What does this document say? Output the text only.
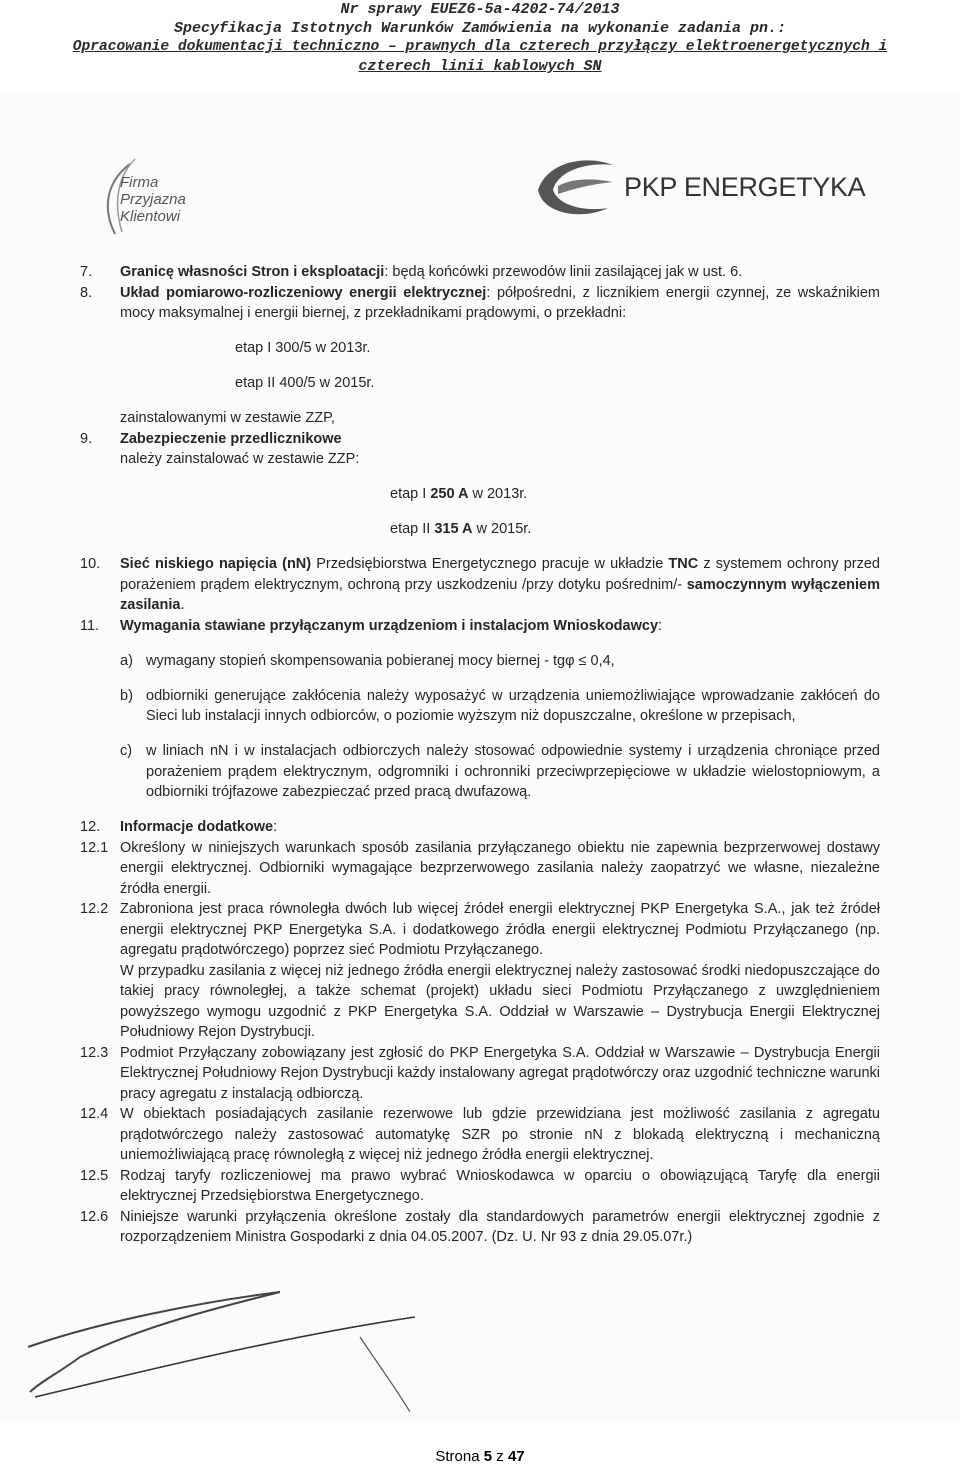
Nr sprawy EUEZ6-5a-4202-74/2013
Specyfikacja Istotnych Warunków Zamówienia na wykonanie zadania pn.:
Opracowanie dokumentacji techniczno – prawnych dla czterech przyłączy elektroenergetycznych i
czterech linii kablowych SN
Firma
Przyjazna
Klientowi
PKP ENERGETYKA

7.	Granicę własności Stron i eksploatacji: będą końcówki przewodów linii zasilającej jak w ust. 6.

8.	Układ pomiarowo-rozliczeniowy energii elektrycznej: półpośredni, z licznikiem energii czynnej, ze wskaźnikiem mocy maksymalnej i energii biernej, z przekładnikami prądowymi, o przekładni:

etap I 300/5 w 2013r.

etap II 400/5 w 2015r.

zainstalowanymi w zestawie ZZP,

9.	Zabezpieczenie przedlicznikowe
należy zainstalować w zestawie ZZP:

etap I 250 A w 2013r.

etap II 315 A w 2015r.

10.	Sieć niskiego napięcia (nN) Przedsiębiorstwa Energetycznego pracuje w układzie TNC z systemem ochrony przed porażeniem prądem elektrycznym, ochroną przy uszkodzeniu /przy dotyku pośrednim/- samoczynnym wyłączeniem zasilania.

11.	Wymagania stawiane przyłączanym urządzeniom i instalacjom Wnioskodawcy:

a) wymagany stopień skompensowania pobieranej mocy biernej - tgφ ≤ 0,4,

b) odbiorniki generujące zakłócenia należy wyposażyć w urządzenia uniemożliwiające wprowadzanie zakłóceń do Sieci lub instalacji innych odbiorców, o poziomie wyższym niż dopuszczalne, określone w przepisach,

c) w liniach nN i w instalacjach odbiorczych należy stosować odpowiednie systemy i urządzenia chroniące przed porażeniem prądem elektrycznym, odgromniki i ochronniki przeciwprzepięciowe w układzie wielostopniowym, a odbiorniki trójfazowe zabezpieczać przed pracą dwufazową.

12.	Informacje dodatkowe:

12.1 Określony w niniejszych warunkach sposób zasilania przyłączanego obiektu nie zapewnia bezprzerwowej dostawy energii elektrycznej. Odbiorniki wymagające bezprzerwowego zasilania należy zaopatrzyć we własne, niezależne źródła energii.

12.2 Zabroniona jest praca równoległa dwóch lub więcej źródeł energii elektrycznej PKP Energetyka S.A., jak też źródeł energii elektrycznej PKP Energetyka S.A. i dodatkowego źródła energii elektrycznej Podmiotu Przyłączanego (np. agregatu prądotwórczego) poprzez sieć Podmiotu Przyłączanego.

W przypadku zasilania z więcej niż jednego źródła energii elektrycznej należy zastosować środki niedopuszczające do takiej pracy równoległej, a także schemat (projekt) układu sieci Podmiotu Przyłączanego z uwzględnieniem powyższego wymogu uzgodnić z PKP Energetyka S.A. Oddział w Warszawie – Dystrybucja Energii Elektrycznej Południowy Rejon Dystrybucji.

12.3 Podmiot Przyłączany zobowiązany jest zgłosić do PKP Energetyka S.A. Oddział w Warszawie – Dystrybucja Energii Elektrycznej Południowy Rejon Dystrybucji każdy instalowany agregat prądotwórczy oraz uzgodnić techniczne warunki pracy agregatu z instalacją odbiorczą.

12.4 W obiektach posiadających zasilanie rezerwowe lub gdzie przewidziana jest możliwość zasilania z agregatu prądotwórczego należy zastosować automatykę SZR po stronie nN z blokadą elektryczną i mechaniczną uniemożliwiającą pracę równoległą z więcej niż jednego źródła energii elektrycznej.

12.5 Rodzaj taryfy rozliczeniowej ma prawo wybrać Wnioskodawca w oparciu o obowiązującą Taryfę dla energii elektrycznej Przedsiębiorstwa Energetycznego.

12.6 Niniejsze warunki przyłączenia określone zostały dla standardowych parametrów energii elektrycznej zgodnie z rozporządzeniem Ministra Gospodarki z dnia 04.05.2007. (Dz. U. Nr 93 z dnia 29.05.07r.)

Strona 5 z 47
